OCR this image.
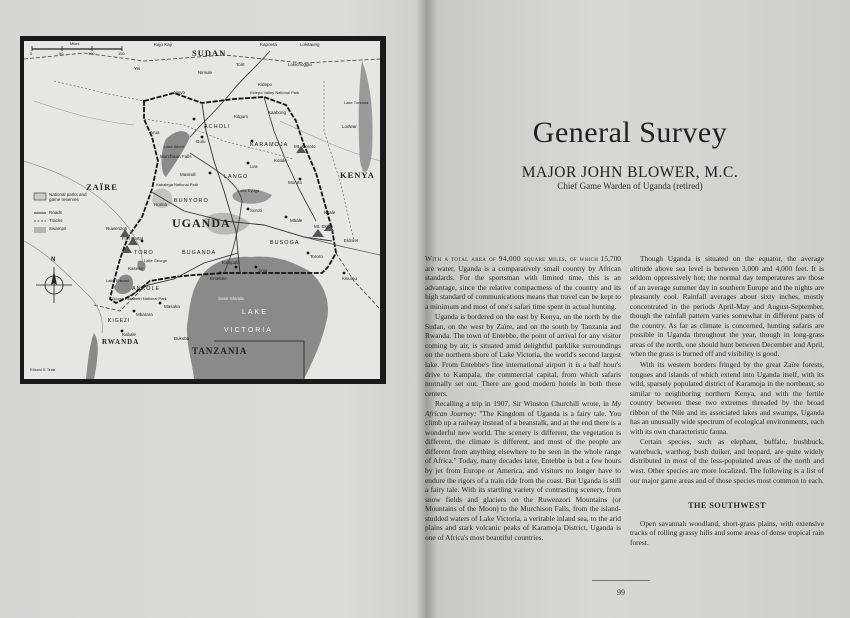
SUDAN
ZAÏRE
KENYA
UGANDA
TANZANIA
RWANDA
LAKE
VICTORIA
ACHOLI
KARAMOJA
BUNYORO
BUGANDA
BUSOGA
ANKOLE
TORO
LANGO
KIGEZI
Kajo Kaji	Kapoeta	Lokitaung
Nimule
Yei
Torit	Lokichoggio
Kidepo
Moyo
Arua
Gulu
Kitgum
Kaabong
Lodwar
Kotido
Moroto
Lira
Soroti
Masindi
Hoima
Mbale
Kitale
Tororo
Fort Portal
Kampala
Entebbe
Jinja
Kisumu
Masaka
Mbarara
Kabale
Bukoba
Kasese
Murchison Falls
Eldoret
Sese Islands
Mt. Moroto
Mt. Elgon
Ruwenzori
Queen Elizabeth National Park
Kabalega National Park
Kidepo Valley National Park
Lake Albert
Lake Kyoga
Lake Edward
Lake George
Lake Turkana
National parks and game reserves
Roads
Tracks
Swamps
N
0	50	100	150
Miles
Edward S. Teale
General Survey
MAJOR JOHN BLOWER, M.C.
Chief Game Warden of Uganda (retired)

With a total area of 94,000 square miles, of which 15,700 are water, Uganda is a comparatively small country by African standards. For the sportsman with limited time, this is an advantage, since the relative compactness of the country and its high standard of communications means that travel can be kept to a minimum and most of one's safari time spent in actual hunting.

Uganda is bordered on the east by Kenya, on the north by the Sudan, on the west by Zaïre, and on the south by Tanzania and Rwanda. The town of Entebbe, the point of arrival for any visitor coming by air, is situated amid delightful parklike surroundings on the northern shore of Lake Victoria, the world's second largest lake. From Entebbe's fine international airport it is a half hour's drive to Kampala, the commercial capital, from which safaris normally set out. There are good modern hotels in both these centers.

Recalling a trip in 1907, Sir Winston Churchill wrote, in My African Journey: "The Kingdom of Uganda is a fairy tale. You climb up a railway instead of a beanstalk, and at the end there is a wonderful new world. The scenery is different, the vegetation is different, the climate is different, and most of the people are different from anything elsewhere to be seen in the whole range of Africa." Today, many decades later, Entebbe is but a few hours by jet from Europe or America, and visitors no longer have to endure the rigors of a train ride from the coast. But Uganda is still a fairy tale. With its startling variety of contrasting scenery, from snow fields and glaciers on the Ruwenzori Mountains (or Mountains of the Moon) to the Murchison Falls, from the island-studded waters of Lake Victoria, a veritable inland sea, to the arid plains and stark volcanic peaks of Karamoja District, Uganda is one of Africa's most beautiful countries.

Though Uganda is situated on the equator, the average altitude above sea level is between 3,000 and 4,000 feet. It is seldom oppressively hot; the normal day temperatures are those of an average summer day in southern Europe and the nights are pleasantly cool. Rainfall averages about sixty inches, mostly concentrated in the periods April-May and August-September, though the rainfall pattern varies somewhat in different parts of the country. As far as climate is concerned, hunting safaris are possible in Uganda throughout the year, though in long-grass areas of the north, one should hunt between December and April, when the grass is burned off and visibility is good.

With its western borders fringed by the great Zaïre forests, tongues and islands of which extend into Uganda itself, with its wild, sparsely populated district of Karamoja in the northeast, so similar to neighboring northern Kenya, and with the fertile country between these two extremes threaded by the broad ribbon of the Nile and its associated lakes and swamps, Uganda has an unusually wide spectrum of ecological environments, each with its own characteristic fauna.

Certain species, such as elephant, buffalo, bushbuck, waterbuck, warthog, bush duiker, and leopard, are quite widely distributed in most of the less-populated areas of the north and west. Other species are more localized. The following is a list of our major game areas and of those species most common to each.

THE SOUTHWEST

Open savannah woodland, short-grass plains, with extensive tracks of rolling grassy hills and some areas of dense tropical rain forest.

99
